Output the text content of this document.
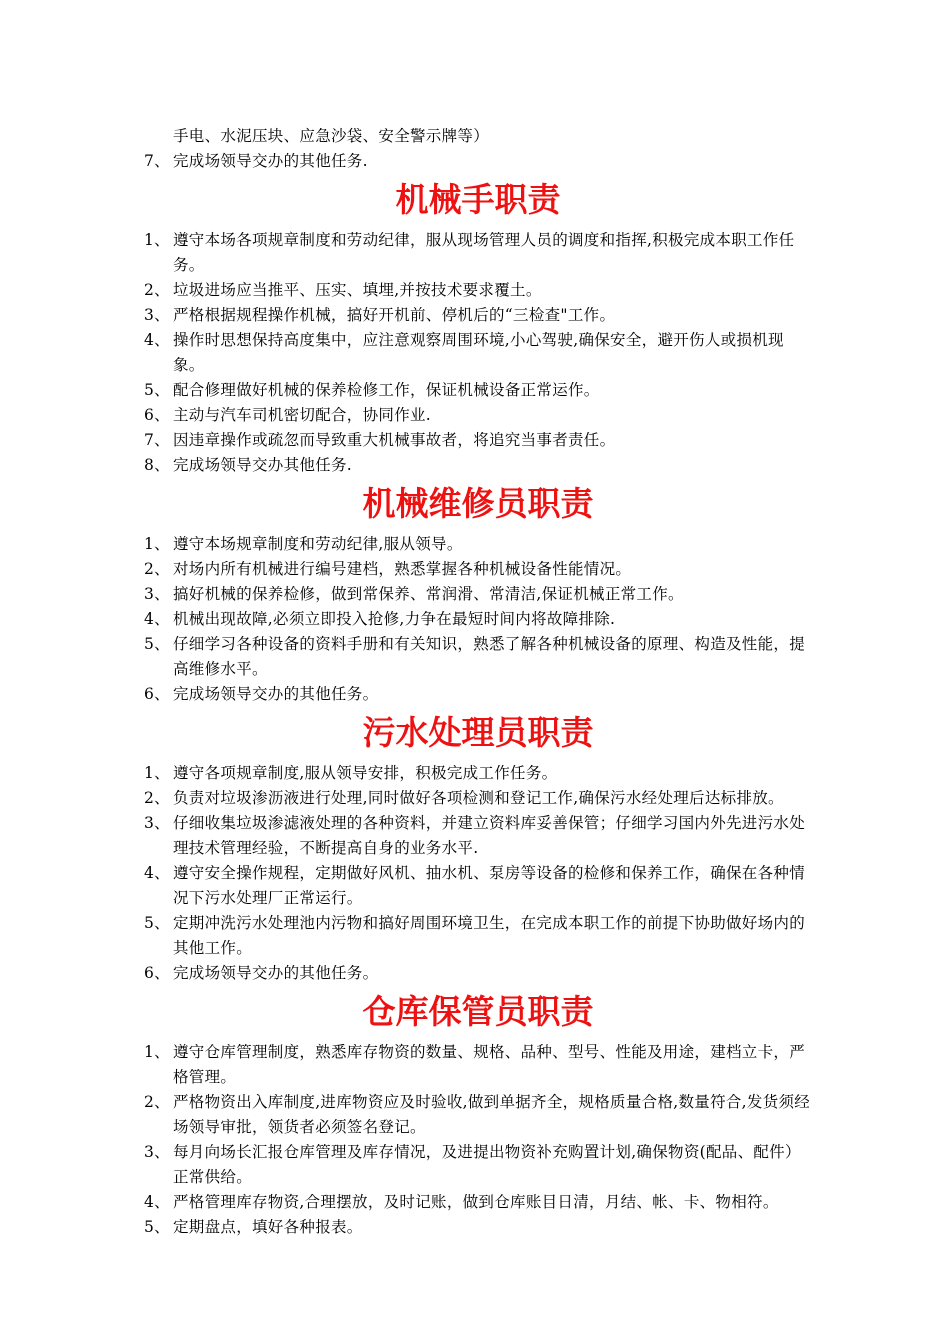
手电、水泥压块、应急沙袋、安全警示牌等）
7、 完成场领导交办的其他任务.
机械手职责
1、 遵守本场各项规章制度和劳动纪律，服从现场管理人员的调度和指挥,积极完成本职工作任务。
2、 垃圾进场应当推平、压实、填埋,并按技术要求覆土。
3、 严格根据规程操作机械，搞好开机前、停机后的“三检查"工作。
4、 操作时思想保持高度集中，应注意观察周围环境,小心驾驶,确保安全，避开伤人或损机现象。
5、 配合修理做好机械的保养检修工作，保证机械设备正常运作。
6、 主动与汽车司机密切配合，协同作业.
7、 因违章操作或疏忽而导致重大机械事故者，将追究当事者责任。
8、 完成场领导交办其他任务.
机械维修员职责
1、 遵守本场规章制度和劳动纪律,服从领导。
2、 对场内所有机械进行编号建档，熟悉掌握各种机械设备性能情况。
3、 搞好机械的保养检修，做到常保养、常润滑、常清洁,保证机械正常工作。
4、 机械出现故障,必须立即投入抢修,力争在最短时间内将故障排除.
5、 仔细学习各种设备的资料手册和有关知识，熟悉了解各种机械设备的原理、构造及性能，提高维修水平。
6、 完成场领导交办的其他任务。
污水处理员职责
1、 遵守各项规章制度,服从领导安排，积极完成工作任务。
2、 负责对垃圾渗沥液进行处理,同时做好各项检测和登记工作,确保污水经处理后达标排放。
3、 仔细收集垃圾渗滤液处理的各种资料，并建立资料库妥善保管；仔细学习国内外先进污水处理技术管理经验，不断提高自身的业务水平.
4、 遵守安全操作规程，定期做好风机、抽水机、泵房等设备的检修和保养工作，确保在各种情况下污水处理厂正常运行。
5、 定期冲洗污水处理池内污物和搞好周围环境卫生，在完成本职工作的前提下协助做好场内的其他工作。
6、 完成场领导交办的其他任务。
仓库保管员职责
1、 遵守仓库管理制度，熟悉库存物资的数量、规格、品种、型号、性能及用途，建档立卡，严格管理。
2、 严格物资出入库制度,进库物资应及时验收,做到单据齐全，规格质量合格,数量符合,发货须经场领导审批，领货者必须签名登记。
3、 每月向场长汇报仓库管理及库存情况，及进提出物资补充购置计划,确保物资(配品、配件）正常供给。
4、 严格管理库存物资,合理摆放，及时记账，做到仓库账目日清，月结、帐、卡、物相符。
5、 定期盘点，填好各种报表。
